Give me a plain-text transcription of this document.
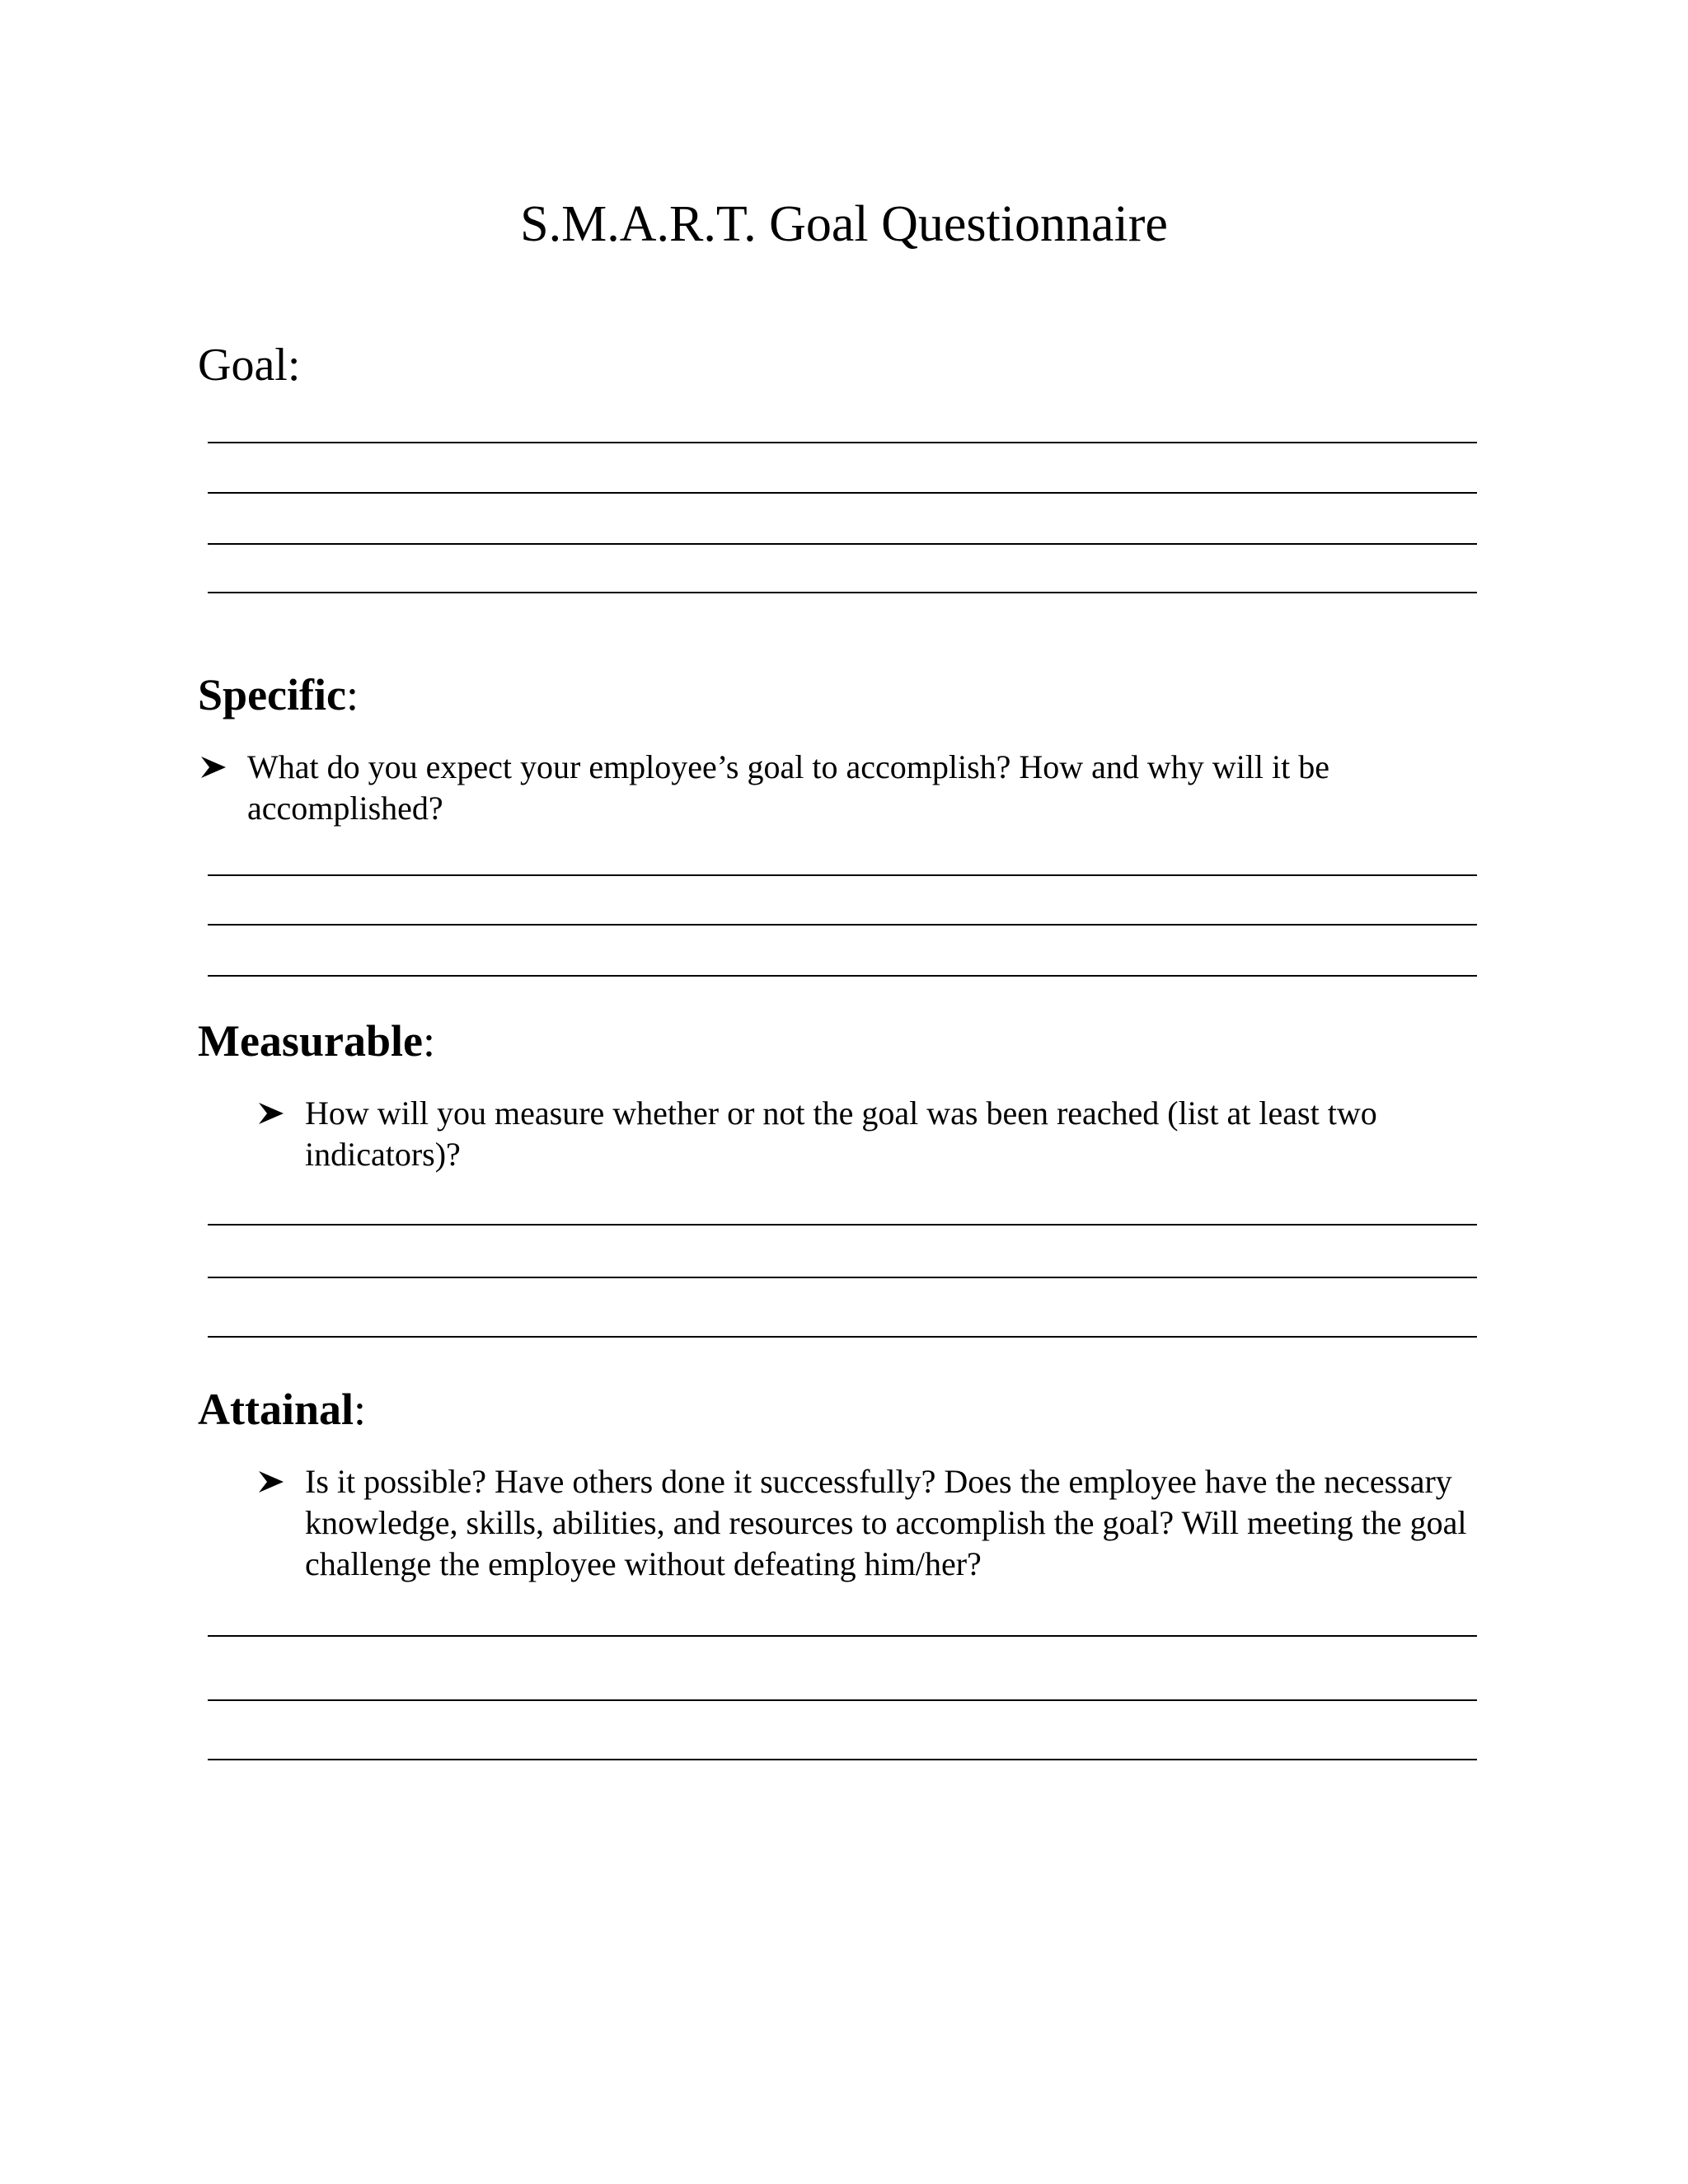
S.M.A.R.T. Goal Questionnaire
Goal:
Specific:
What do you expect your employee’s goal to accomplish? How and why will it be
accomplished?
Measurable:
How will you measure whether or not the goal was been reached (list at least two
indicators)?
Attainal:
Is it possible? Have others done it successfully? Does the employee have the necessary
knowledge, skills, abilities, and resources to accomplish the goal? Will meeting the goal
challenge the employee without defeating him/her?
